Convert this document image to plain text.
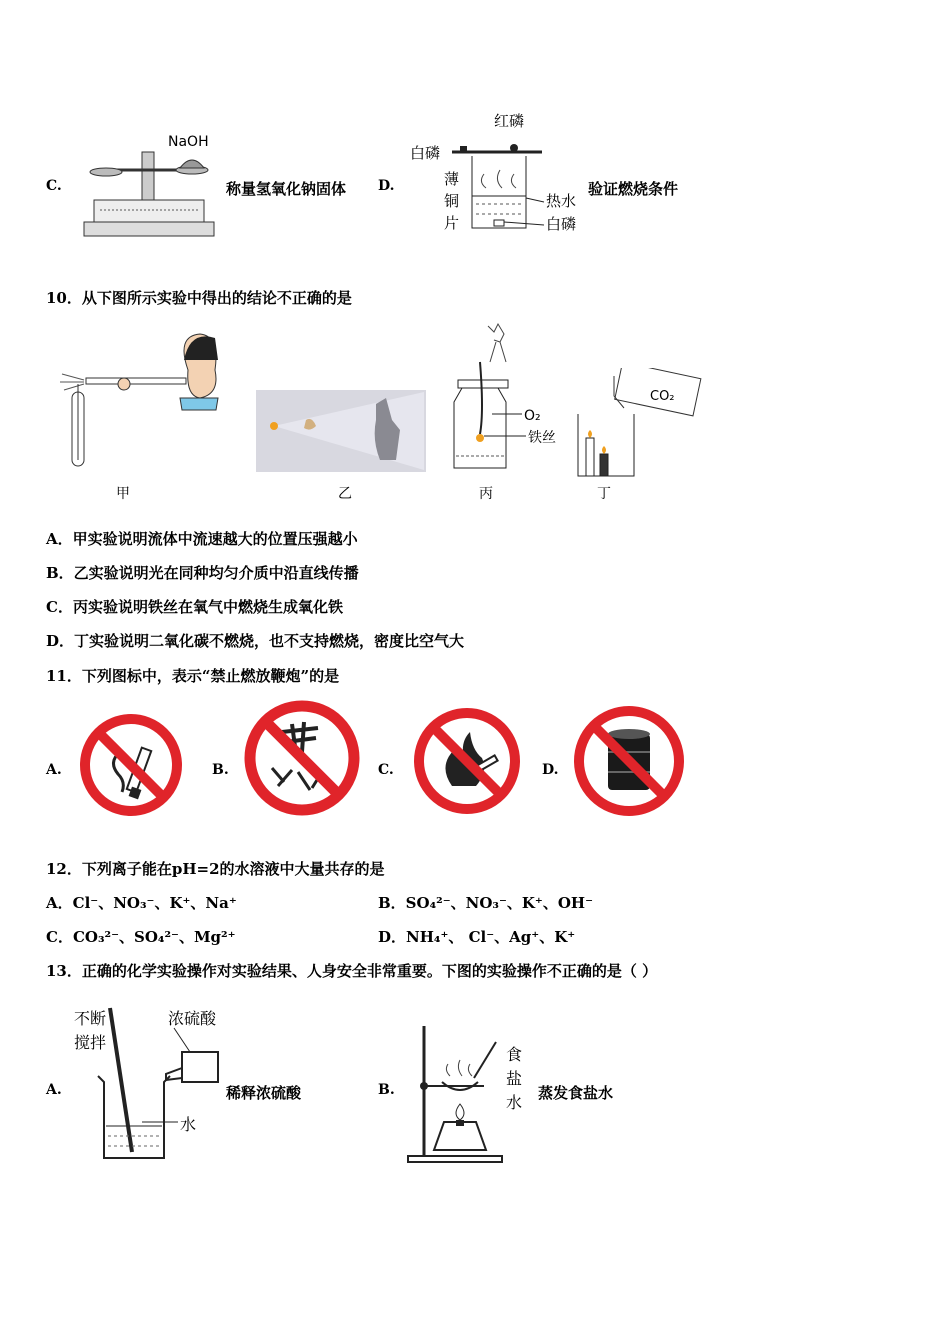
C.
NaOH
称量氢氧化钠固体 D.
红磷
白磷
薄
铜
片
热水
白磷
验证燃烧条件
10．从下图所示实验中得出的结论不正确的是
O₂
铁丝
CO₂
甲	乙	丙	丁
A．甲实验说明流体中流速越大的位置压强越小
B．乙实验说明光在同种均匀介质中沿直线传播
C．丙实验说明铁丝在氧气中燃烧生成氧化铁
D．丁实验说明二氧化碳不燃烧，也不支持燃烧，密度比空气大
11．下列图标中，表示“禁止燃放鞭炮”的是
A.	B.	C.	D.
12．下列离子能在pH=2的水溶液中大量共存的是
A．Cl⁻、NO₃⁻、K⁺、Na⁺	B．SO₄²⁻、NO₃⁻、K⁺、OH⁻
C．CO₃²⁻、SO₄²⁻、Mg²⁺	D．NH₄⁺、 Cl⁻、Ag⁺、K⁺
13．正确的化学实验操作对实验结果、人身安全非常重要。下图的实验操作不正确的是（ ）
A.
不断
搅拌
浓硫酸
水
稀释浓硫酸	B.
食
盐
水 蒸发食盐水
